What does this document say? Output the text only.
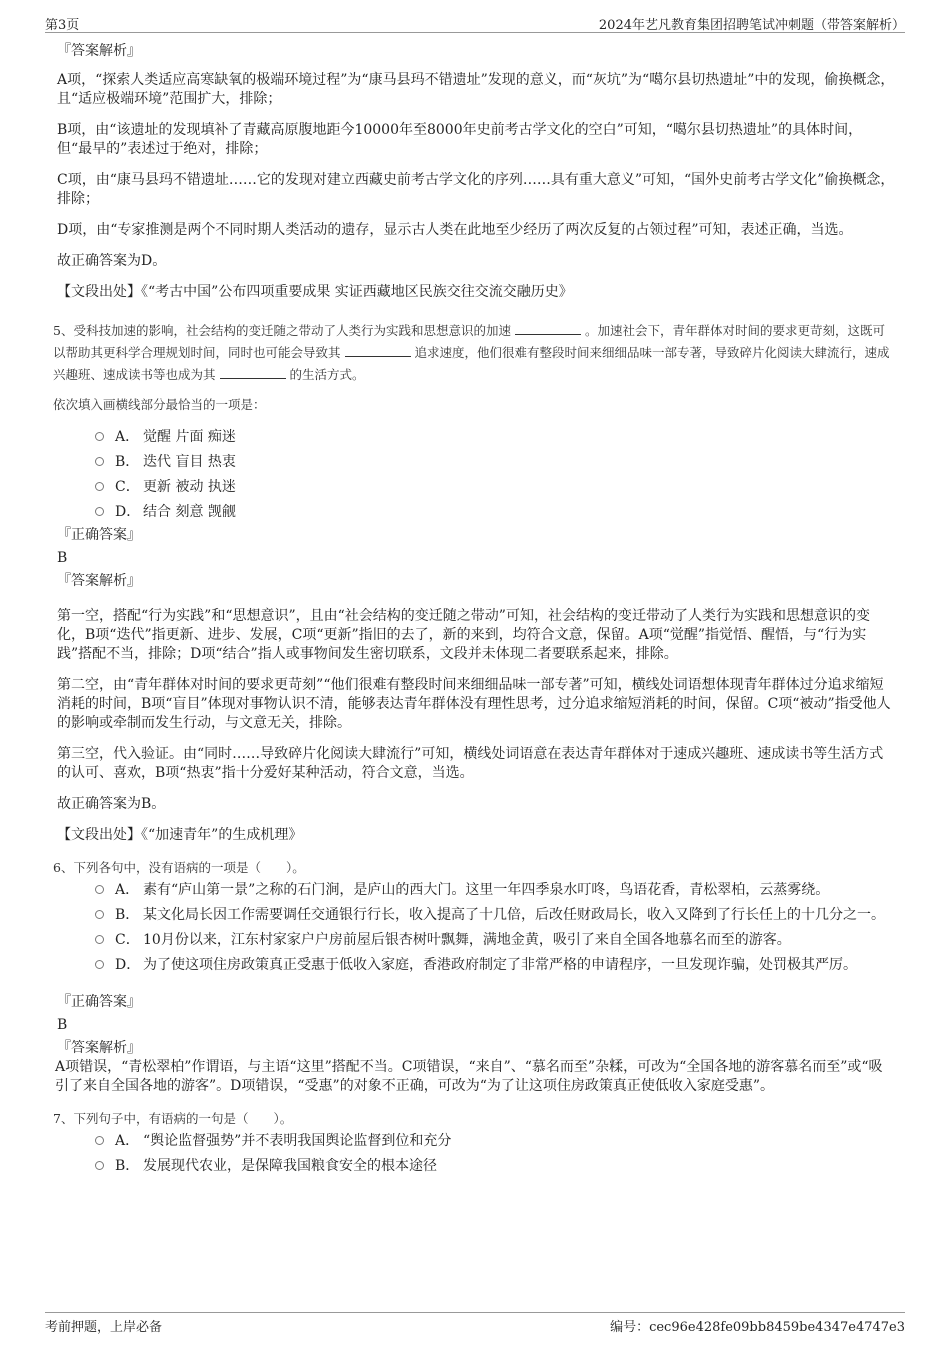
第3页	2024年艺凡教育集团招聘笔试冲刺题（带答案解析）
『答案解析』

A项，“探索人类适应高寒缺氧的极端环境过程”为“康马县玛不错遗址”发现的意义，而“灰坑”为“噶尔县切热遗址”中的发现，偷换概念，且“适应极端环境”范围扩大，排除；

B项，由“该遗址的发现填补了青藏高原腹地距今10000年至8000年史前考古学文化的空白”可知，“噶尔县切热遗址”的具体时间，但“最早的”表述过于绝对，排除；

C项，由“康马县玛不错遗址……它的发现对建立西藏史前考古学文化的序列……具有重大意义”可知，“国外史前考古学文化”偷换概念，排除；

D项，由“专家推测是两个不同时期人类活动的遗存，显示古人类在此地至少经历了两次反复的占领过程”可知，表述正确，当选。

故正确答案为D。

【文段出处】《“考古中国”公布四项重要成果 实证西藏地区民族交往交流交融历史》

5、受科技加速的影响，社会结构的变迁随之带动了人类行为实践和思想意识的加速	。加速社会下，青年群体对时间的要求更苛刻，这既可以帮助其更科学合理规划时间，同时也可能会导致其	追求速度，他们很难有整段时间来细细品味一部专著，导致碎片化阅读大肆流行，速成兴趣班、速成读书等也成为其	的生活方式。

依次填入画横线部分最恰当的一项是：

A． 觉醒 片面 痴迷
B． 迭代 盲目 热衷
C． 更新 被动 执迷
D． 结合 刻意 觊觎
『正确答案』
B
『答案解析』

第一空，搭配“行为实践”和“思想意识”，且由“社会结构的变迁随之带动”可知，社会结构的变迁带动了人类行为实践和思想意识的变化，B项“迭代”指更新、进步、发展，C项“更新”指旧的去了，新的来到，均符合文意，保留。A项“觉醒”指觉悟、醒悟，与“行为实践”搭配不当，排除；D项“结合”指人或事物间发生密切联系，文段并未体现二者要联系起来，排除。

第二空，由“青年群体对时间的要求更苛刻”“他们很难有整段时间来细细品味一部专著”可知，横线处词语想体现青年群体过分追求缩短消耗的时间，B项“盲目”体现对事物认识不清，能够表达青年群体没有理性思考，过分追求缩短消耗的时间，保留。C项“被动”指受他人的影响或牵制而发生行动，与文意无关，排除。

第三空，代入验证。由“同时……导致碎片化阅读大肆流行”可知，横线处词语意在表达青年群体对于速成兴趣班、速成读书等生活方式的认可、喜欢，B项“热衷”指十分爱好某种活动，符合文意，当选。

故正确答案为B。

【文段出处】《“加速青年”的生成机理》

6、下列各句中，没有语病的一项是（　　）。

A． 素有“庐山第一景”之称的石门涧，是庐山的西大门。这里一年四季泉水叮咚，鸟语花香，青松翠柏，云蒸雾绕。
B． 某文化局长因工作需要调任交通银行行长，收入提高了十几倍，后改任财政局长，收入又降到了行长任上的十几分之一。
C． 10月份以来，江东村家家户户房前屋后银杏树叶飘舞，满地金黄，吸引了来自全国各地慕名而至的游客。
D． 为了使这项住房政策真正受惠于低收入家庭，香港政府制定了非常严格的申请程序，一旦发现诈骗，处罚极其严厉。
『正确答案』
B
『答案解析』

A项错误，“青松翠柏”作谓语，与主语“这里”搭配不当。C项错误，“来自”、“慕名而至”杂糅，可改为“全国各地的游客慕名而至”或“吸引了来自全国各地的游客”。D项错误，“受惠”的对象不正确，可改为“为了让这项住房政策真正使低收入家庭受惠”。

7、下列句子中，有语病的一句是（　　）。

A． “舆论监督强势”并不表明我国舆论监督到位和充分
B． 发展现代农业，是保障我国粮食安全的根本途径
考前押题，上岸必备	编号：cec96e428fe09bb8459be4347e4747e3
